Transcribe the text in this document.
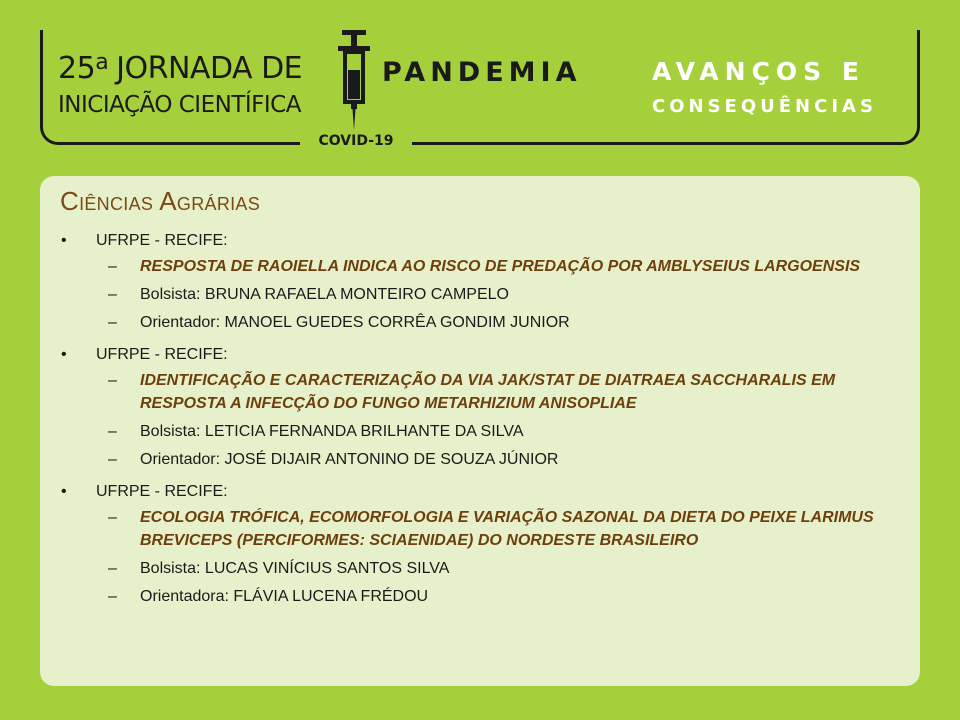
COVID-19
25$^a$ JORNADA DE
INICIAÇÃO CIENTÍFICA
PANDEMIA	AVANÇOS E
CONSEQUÊNCIAS
Ciências Agrárias
• UFRPE - RECIFE:
– RESPOSTA DE RAOIELLA INDICA AO RISCO DE PREDAÇÃO POR AMBLYSEIUS LARGOENSIS
– Bolsista: BRUNA RAFAELA MONTEIRO CAMPELO
– Orientador: MANOEL GUEDES CORRÊA GONDIM JUNIOR
• UFRPE - RECIFE:
– IDENTIFICAÇÃO E CARACTERIZAÇÃO DA VIA JAK/STAT DE DIATRAEA SACCHARALIS EM RESPOSTA A INFECÇÃO DO FUNGO METARHIZIUM ANISOPLIAE
– Bolsista: LETICIA FERNANDA BRILHANTE DA SILVA
– Orientador: JOSÉ DIJAIR ANTONINO DE SOUZA JÚNIOR
• UFRPE - RECIFE:
– ECOLOGIA TRÓFICA, ECOMORFOLOGIA E VARIAÇÃO SAZONAL DA DIETA DO PEIXE LARIMUS BREVICEPS (PERCIFORMES: SCIAENIDAE) DO NORDESTE BRASILEIRO
– Bolsista: LUCAS VINÍCIUS SANTOS SILVA
– Orientadora: FLÁVIA LUCENA FRÉDOU
